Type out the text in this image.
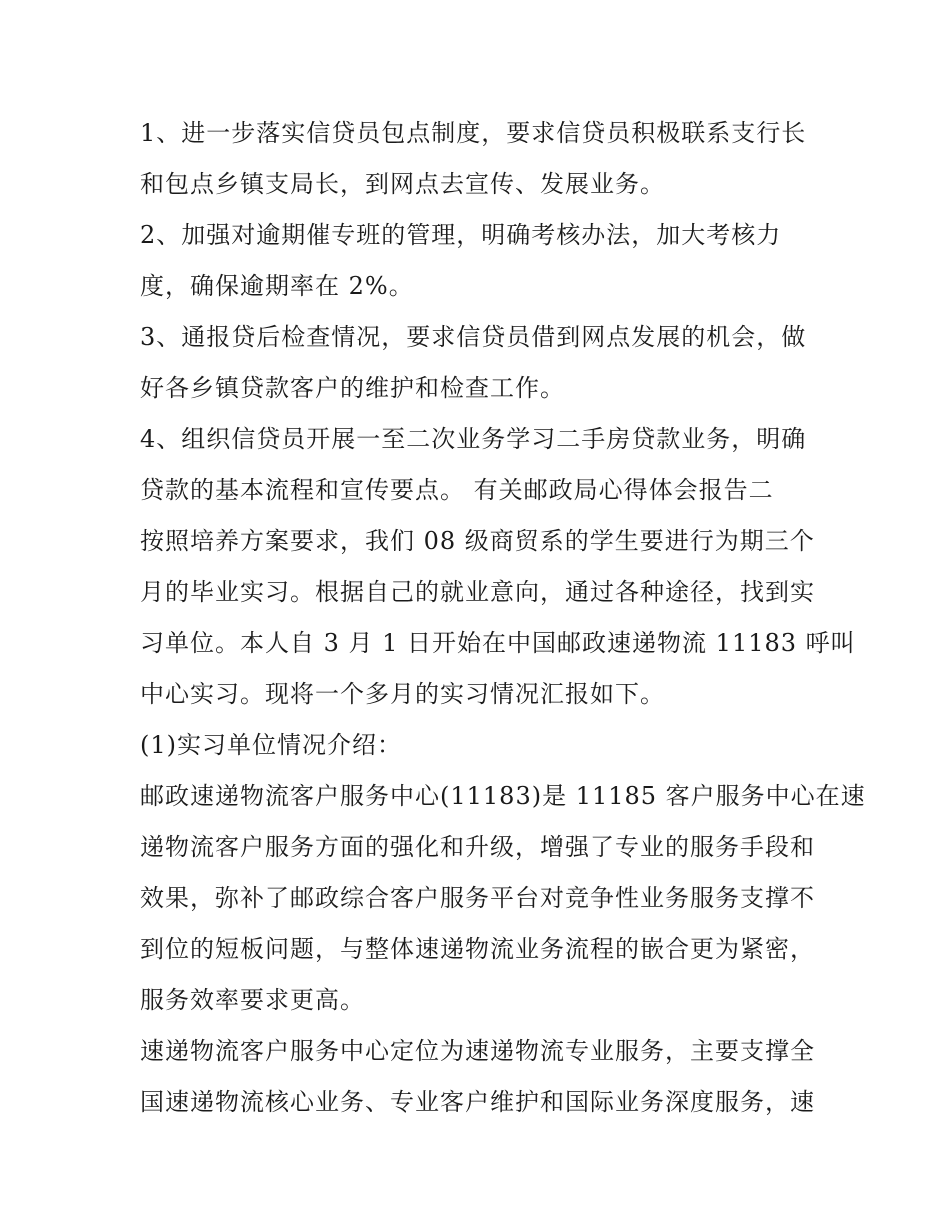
1、进一步落实信贷员包点制度，要求信贷员积极联系支行长
和包点乡镇支局长，到网点去宣传、发展业务。
2、加强对逾期催专班的管理，明确考核办法，加大考核力
度，确保逾期率在 2%。
3、通报贷后检查情况，要求信贷员借到网点发展的机会，做
好各乡镇贷款客户的维护和检查工作。
4、组织信贷员开展一至二次业务学习二手房贷款业务，明确
贷款的基本流程和宣传要点。 有关邮政局心得体会报告二
按照培养方案要求，我们 08 级商贸系的学生要进行为期三个
月的毕业实习。根据自己的就业意向，通过各种途径，找到实
习单位。本人自 3 月 1 日开始在中国邮政速递物流 11183 呼叫
中心实习。现将一个多月的实习情况汇报如下。
(1)实习单位情况介绍：
邮政速递物流客户服务中心(11183)是 11185 客户服务中心在速
递物流客户服务方面的强化和升级，增强了专业的服务手段和
效果，弥补了邮政综合客户服务平台对竞争性业务服务支撑不
到位的短板问题，与整体速递物流业务流程的嵌合更为紧密，
服务效率要求更高。
速递物流客户服务中心定位为速递物流专业服务，主要支撑全
国速递物流核心业务、专业客户维护和国际业务深度服务，速
